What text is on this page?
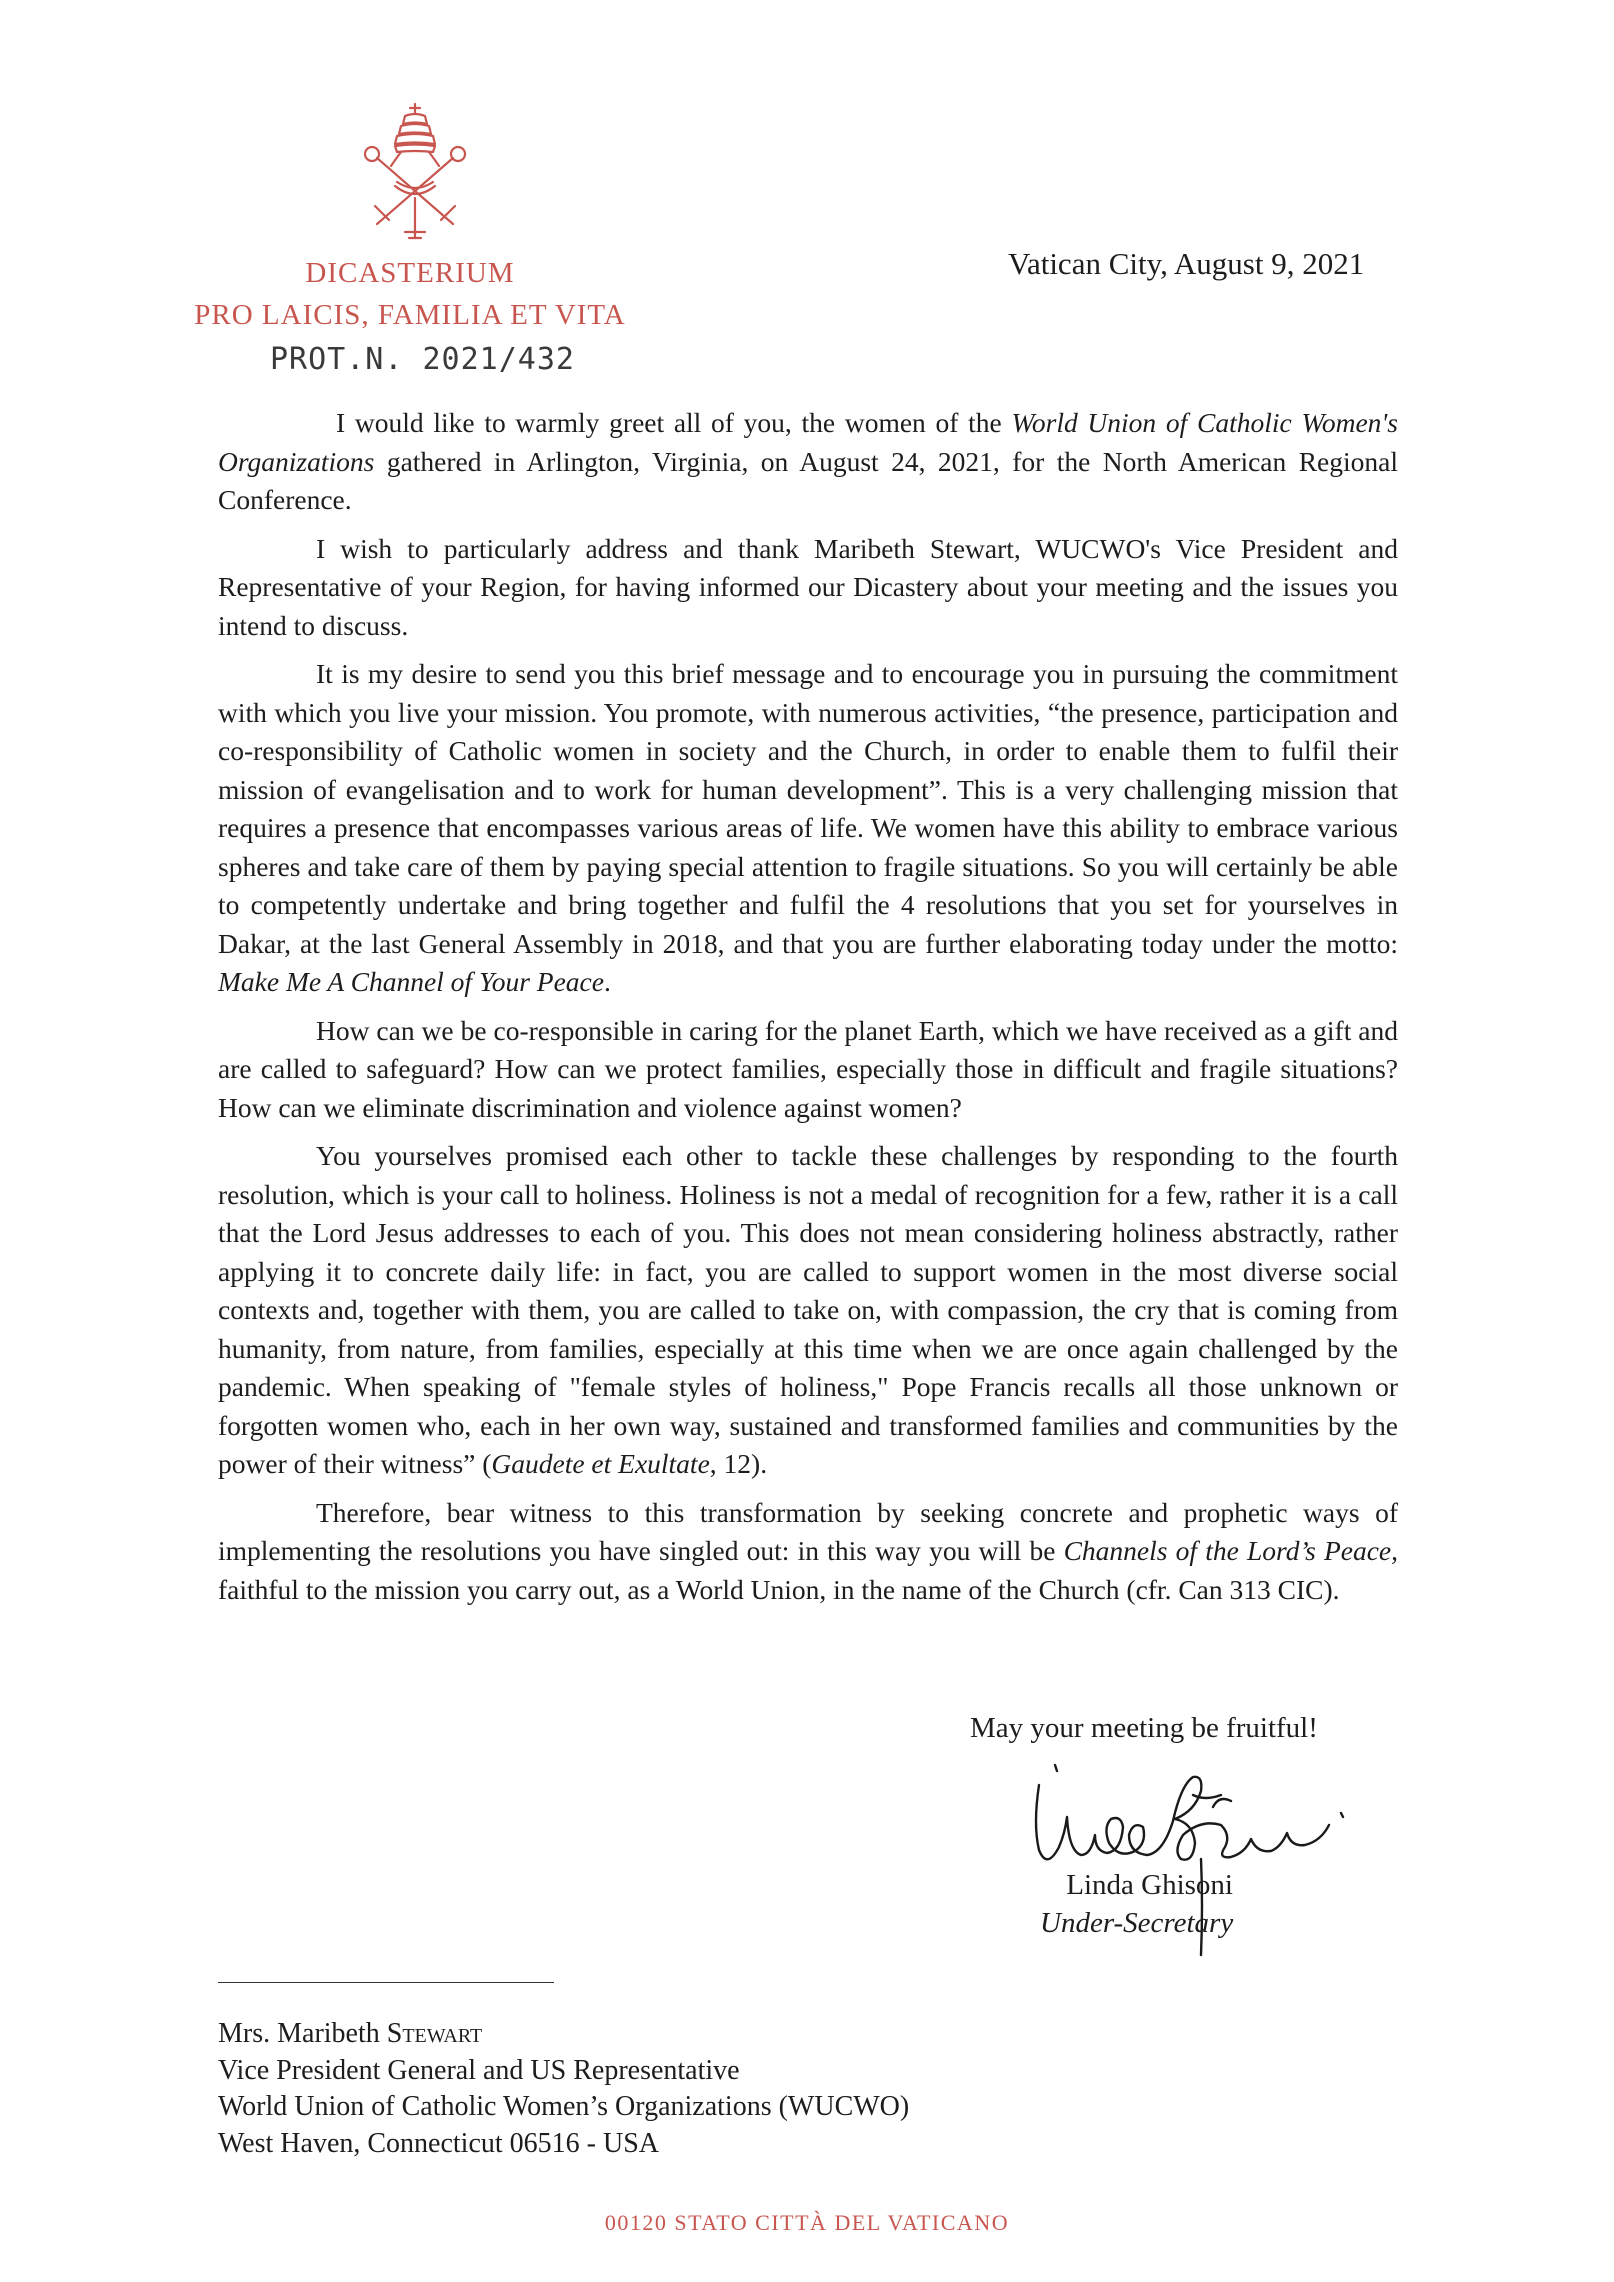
DICASTERIUM
PRO LAICIS, FAMILIA ET VITA
PROT.N. 2021/432
Vatican City, August 9, 2021

I would like to warmly greet all of you, the women of the World Union of Catholic Women's Organizations gathered in Arlington, Virginia, on August 24, 2021, for the North American Regional Conference.

I wish to particularly address and thank Maribeth Stewart, WUCWO's Vice President and Representative of your Region, for having informed our Dicastery about your meeting and the issues you intend to discuss.

It is my desire to send you this brief message and to encourage you in pursuing the commitment with which you live your mission. You promote, with numerous activities, “the presence, participation and co-responsibility of Catholic women in society and the Church, in order to enable them to fulfil their mission of evangelisation and to work for human development”. This is a very challenging mission that requires a presence that encompasses various areas of life. We women have this ability to embrace various spheres and take care of them by paying special attention to fragile situations. So you will certainly be able to competently undertake and bring together and fulfil the 4 resolutions that you set for yourselves in Dakar, at the last General Assembly in 2018, and that you are further elaborating today under the motto: Make Me A Channel of Your Peace.

How can we be co-responsible in caring for the planet Earth, which we have received as a gift and are called to safeguard? How can we protect families, especially those in difficult and fragile situations? How can we eliminate discrimination and violence against women?

You yourselves promised each other to tackle these challenges by responding to the fourth resolution, which is your call to holiness. Holiness is not a medal of recognition for a few, rather it is a call that the Lord Jesus addresses to each of you. This does not mean considering holiness abstractly, rather applying it to concrete daily life: in fact, you are called to support women in the most diverse social contexts and, together with them, you are called to take on, with compassion, the cry that is coming from humanity, from nature, from families, especially at this time when we are once again challenged by the pandemic. When speaking of "female styles of holiness," Pope Francis recalls all those unknown or forgotten women who, each in her own way, sustained and transformed families and communities by the power of their witness” (Gaudete et Exultate, 12).

Therefore, bear witness to this transformation by seeking concrete and prophetic ways of implementing the resolutions you have singled out: in this way you will be Channels of the Lord’s Peace, faithful to the mission you carry out, as a World Union, in the name of the Church (cfr. Can 313 CIC).

May your meeting be fruitful!
Linda Ghisoni
Under-Secretary
Mrs. Maribeth Stewart
Vice President General and US Representative
World Union of Catholic Women’s Organizations (WUCWO)
West Haven, Connecticut 06516 - USA
00120 STATO CITTÀ DEL VATICANO
